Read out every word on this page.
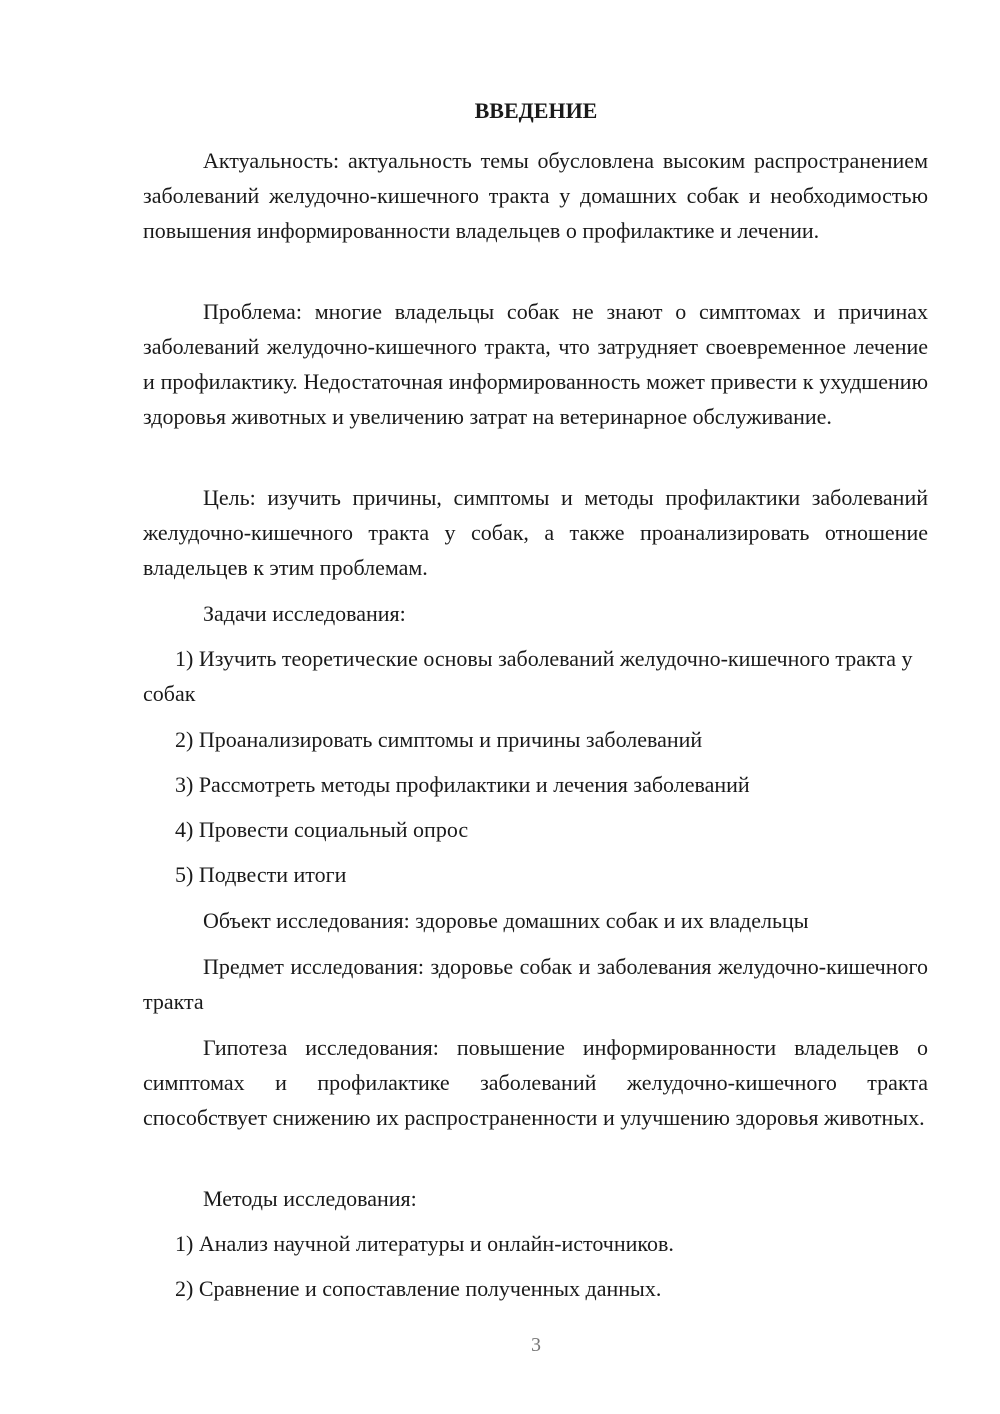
ВВЕДЕНИЕ

Актуальность: актуальность темы обусловлена высоким распространением заболеваний желудочно-кишечного тракта у домашних собак и необходимостью повышения информированности владельцев о профилактике и лечении.

Проблема: многие владельцы собак не знают о симптомах и причинах заболеваний желудочно-кишечного тракта, что затрудняет своевременное лечение и профилактику. Недостаточная информированность может привести к ухудшению здоровья животных и увеличению затрат на ветеринарное обслуживание.

Цель: изучить причины, симптомы и методы профилактики заболеваний желудочно-кишечного тракта у собак, а также проанализировать отношение владельцев к этим проблемам.

Задачи исследования:

1) Изучить теоретические основы заболеваний желудочно-кишечного тракта у собак

2) Проанализировать симптомы и причины заболеваний

3) Рассмотреть методы профилактики и лечения заболеваний

4) Провести социальный опрос

5) Подвести итоги

Объект исследования: здоровье домашних собак и их владельцы

Предмет исследования: здоровье собак и заболевания желудочно-кишечного тракта

Гипотеза исследования: повышение информированности владельцев о симптомах и профилактике заболеваний желудочно-кишечного тракта способствует снижению их распространенности и улучшению здоровья животных.

Методы исследования:

1) Анализ научной литературы и онлайн-источников.

2) Сравнение и сопоставление полученных данных.

3
